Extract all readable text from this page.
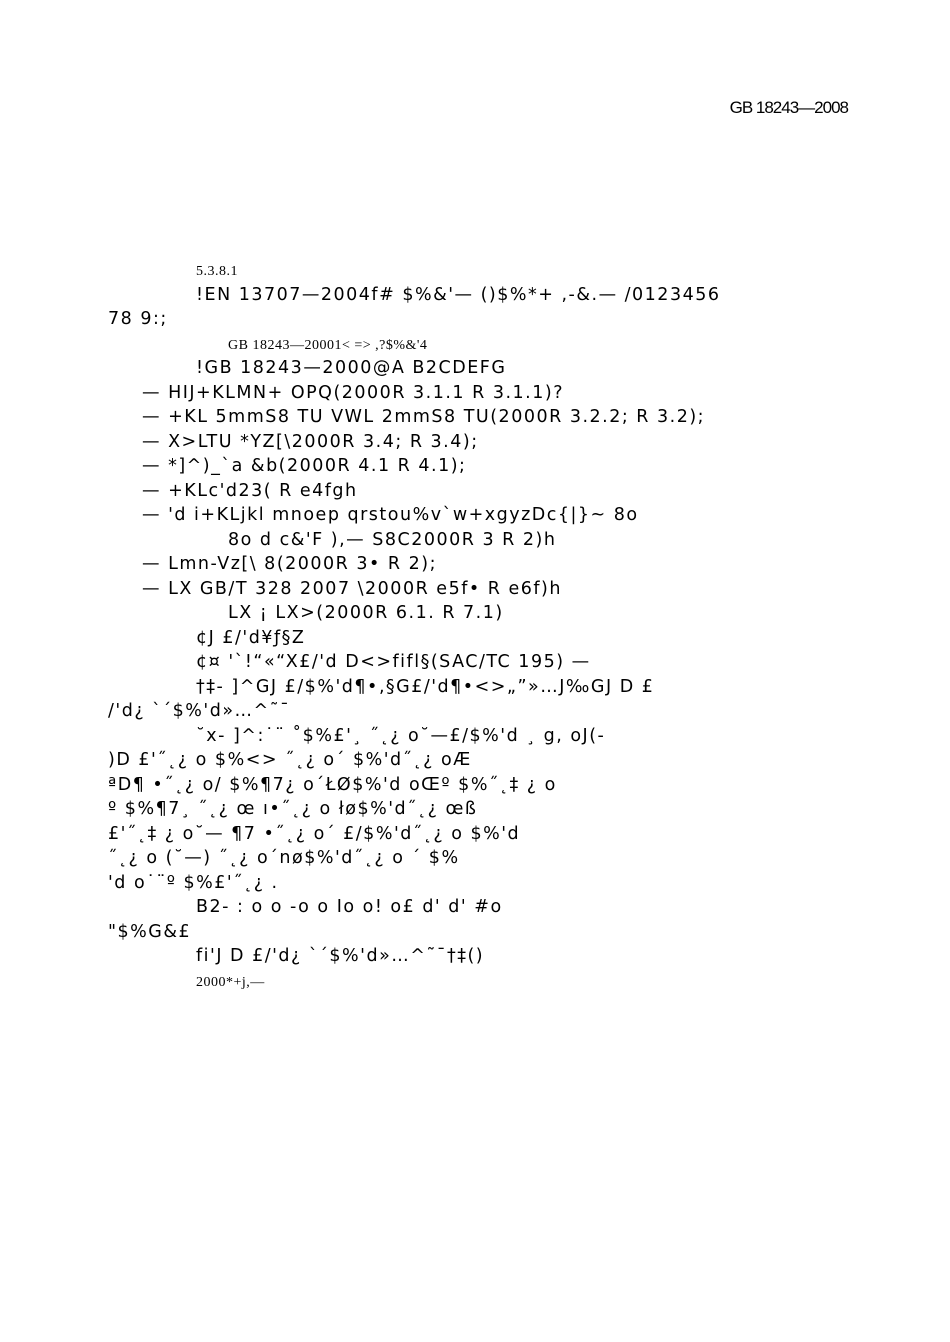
GB 18243—2008
5.3.8.1
!EN 13707—2004f# $%&'— ()$%*+ ,-&.— /0123456
78 9:;
GB 18243—20001< => ,?$%&'4
!GB 18243—2000@A B2CDEFG
— HIJ+KLMN+ OPQ(2000R 3.1.1 R 3.1.1)?
— +KL 5mmS8 TU VWL 2mmS8 TU(2000R 3.2.2; R 3.2);
— X>LTU *YZ[\2000R 3.4; R 3.4);
— *]^)_`a &b(2000R 4.1 R 4.1);
— +KLc'd23( R e4fgh
— 'd i+KLjkl mnoep qrstou%v`w+xgyzDc{|}~ 8o
8o d c&'F ),— S8C2000R 3 R 2)h
— Lmn-Vz[\ 8(2000R 3• R 2);
— LX GB/T 328 2007 \2000R e5f• R e6f)h
LX ¡ LX>(2000R 6.1. R 7.1)
¢J £/'d¥ƒ§Z
¢¤ '`!“«“X£/'d D<>fifl§(SAC/TC 195) —
†‡- ]^GJ £/$%'d¶•‚§G£/'d¶•<>„”»…J‰GJ D £
/'d¿ `´$%'d»…^˜¯
˘x- ]^:˙¨ ˚$%£'¸ ˝˛¿ o˘—£/$%'d ¸ g, oJ(-
)D £'˝˛¿ o $%<> ˝˛¿ o´ $%'d˝˛¿ oÆ
ªD¶ •˝˛¿ o/ $%¶7¿ o´ŁØ$%'d oŒº $%˝˛‡ ¿ o
º $%¶7¸ ˝˛¿ œ ı•˝˛¿ o łø$%'d˝˛¿ œß
£'˝˛‡ ¿ o˘— ¶7 •˝˛¿ o´ £/$%'d˝˛¿ o $%'d
˝˛¿ o (˘—) ˝˛¿ o´nø$%'d˝˛¿ o ´ $%
'd o˙¨º $%£'˝˛¿ .
B2- : o o -o o Io o! o£ d' d' #o
"$%G&£
fi'J D £/'d¿ `´$%'d»…^˜¯†‡()
2000*+j,—
